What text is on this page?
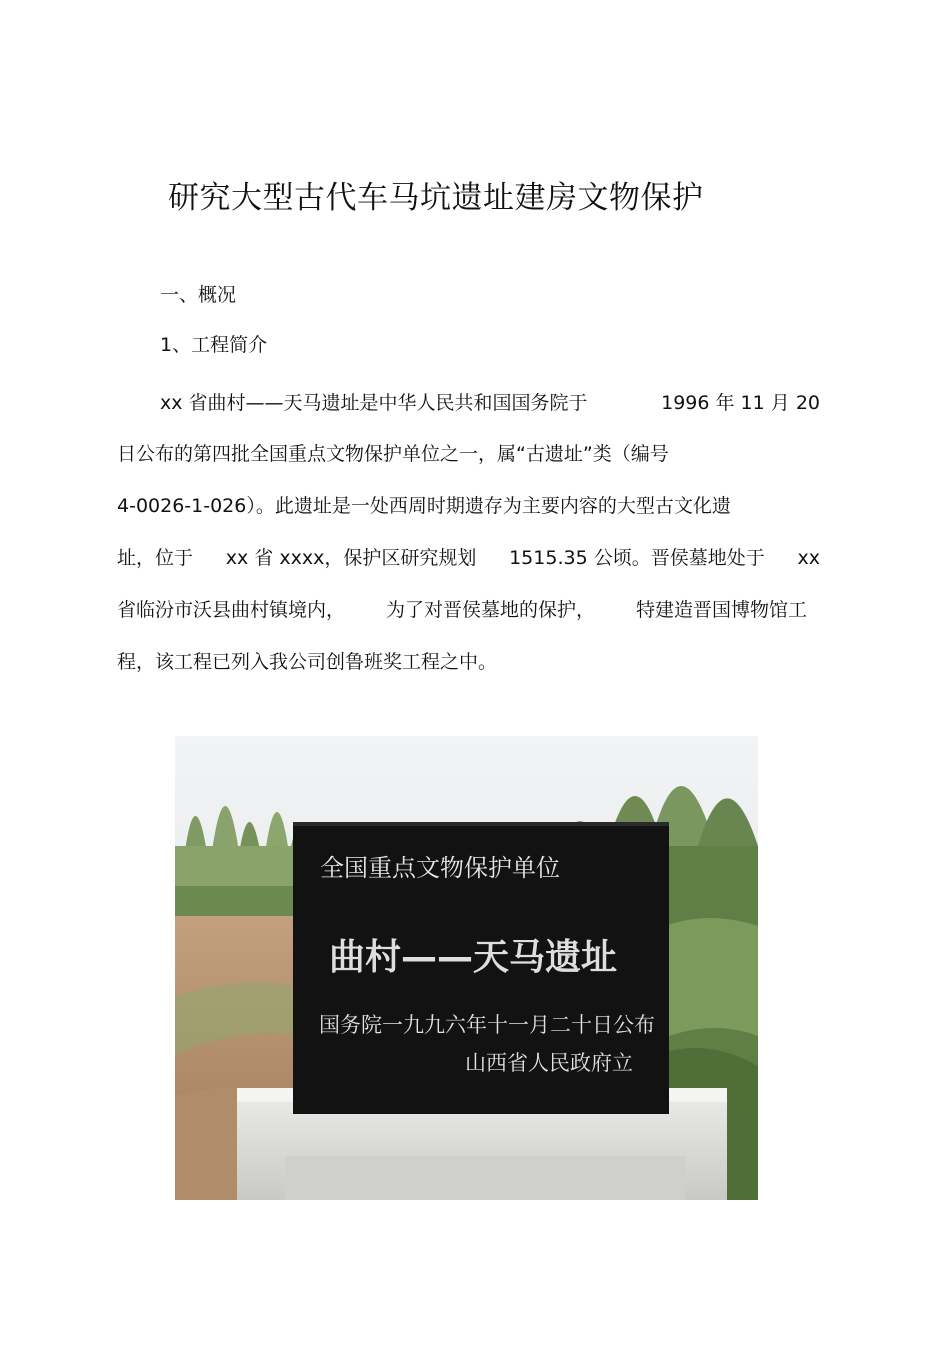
研究大型古代车马坑遗址建房文物保护
一、概况
1、工程简介
xx 省曲村——天马遗址是中华人民共和国国务院于	1996 年 11 月 20
日公布的第四批全国重点文物保护单位之一，属“古遗址”类（编号
4-0026-1-026）。此遗址是一处西周时期遗存为主要内容的大型古文化遗
址，位于 xx 省 xxxx，保护区研究规划 1515.35 公顷。晋侯墓地处于 xx
省临汾市沃县曲村镇境内， 为了对晋侯墓地的保护， 特建造晋国博物馆工
程，该工程已列入我公司创鲁班奖工程之中。
全国重点文物保护单位
曲村——天马遗址
国务院一九九六年十一月二十日公布
山西省人民政府立
